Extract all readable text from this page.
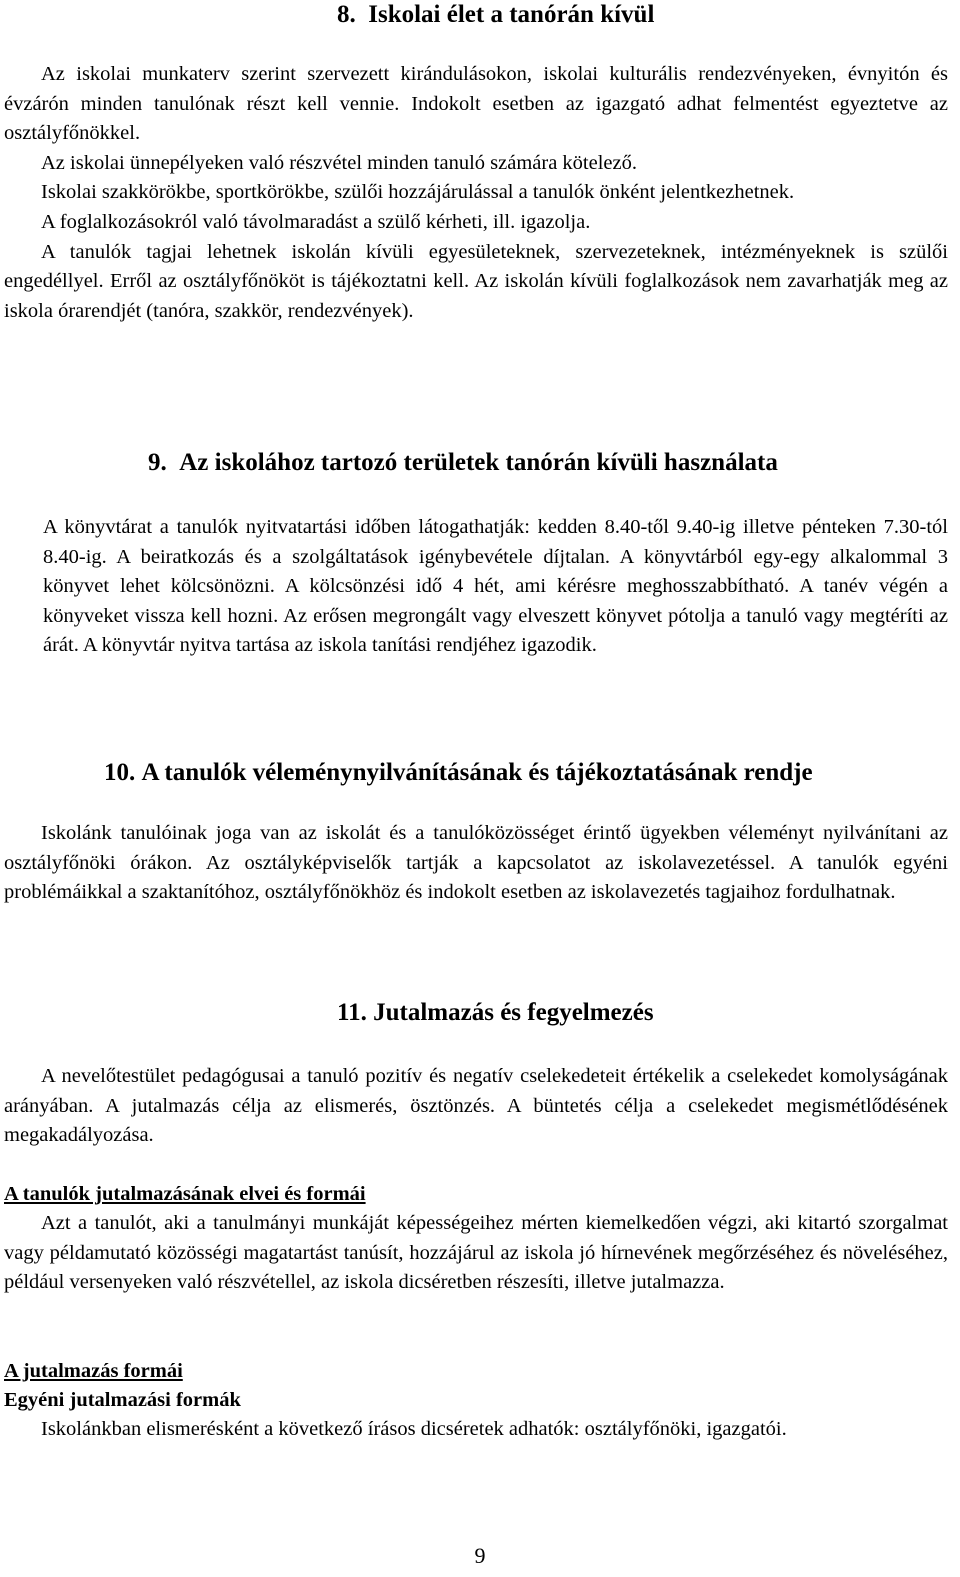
8.  Iskolai élet a tanórán kívül

Az iskolai munkaterv szerint szervezett kirándulásokon, iskolai kulturális rendezvényeken, évnyitón és évzárón minden tanulónak részt kell vennie. Indokolt esetben az igazgató adhat felmentést egyeztetve az osztályfőnökkel.

Az iskolai ünnepélyeken való részvétel minden tanuló számára kötelező.

Iskolai szakkörökbe, sportkörökbe, szülői hozzájárulással a tanulók önként jelentkezhetnek.

A foglalkozásokról való távolmaradást a szülő kérheti, ill. igazolja.

A tanulók tagjai lehetnek iskolán kívüli egyesületeknek, szervezeteknek, intézményeknek is szülői engedéllyel. Erről az osztályfőnököt is tájékoztatni kell. Az iskolán kívüli foglalkozások nem zavarhatják meg az iskola órarendjét (tanóra, szakkör, rendezvények).

9.  Az iskolához tartozó területek tanórán kívüli használata

A könyvtárat a tanulók nyitvatartási időben látogathatják: kedden 8.40-től 9.40-ig illetve pénteken 7.30-tól 8.40-ig. A beiratkozás és a szolgáltatások igénybevétele díjtalan. A könyvtárból egy-egy alkalommal 3 könyvet lehet kölcsönözni. A kölcsönzési idő 4 hét, ami kérésre meghosszabbítható. A tanév végén a könyveket vissza kell hozni. Az erősen megrongált vagy elveszett könyvet pótolja a tanuló vagy megtéríti az árát. A könyvtár nyitva tartása az iskola tanítási rendjéhez igazodik.

10. A tanulók véleménynyilvánításának és tájékoztatásának rendje

Iskolánk tanulóinak joga van az iskolát és a tanulóközösséget érintő ügyekben véleményt nyilvánítani az osztályfőnöki órákon. Az osztályképviselők tartják a kapcsolatot az iskolavezetéssel. A tanulók egyéni problémáikkal a szaktanítóhoz, osztályfőnökhöz és indokolt esetben az iskolavezetés tagjaihoz fordulhatnak.

11. Jutalmazás és fegyelmezés

A nevelőtestület pedagógusai a tanuló pozitív és negatív cselekedeteit értékelik a cselekedet komolyságának arányában. A jutalmazás célja az elismerés, ösztönzés. A büntetés célja a cselekedet megismétlődésének megakadályozása.

A tanulók jutalmazásának elvei és formái

Azt a tanulót, aki a tanulmányi munkáját képességeihez mérten kiemelkedően végzi, aki kitartó szorgalmat vagy példamutató közösségi magatartást tanúsít, hozzájárul az iskola jó hírnevének megőrzéséhez és növeléséhez, például versenyeken való részvétellel, az iskola dicséretben részesíti, illetve jutalmazza.

A jutalmazás formái
Egyéni jutalmazási formák

Iskolánkban elismerésként a következő írásos dicséretek adhatók: osztályfőnöki, igazgatói.

9
